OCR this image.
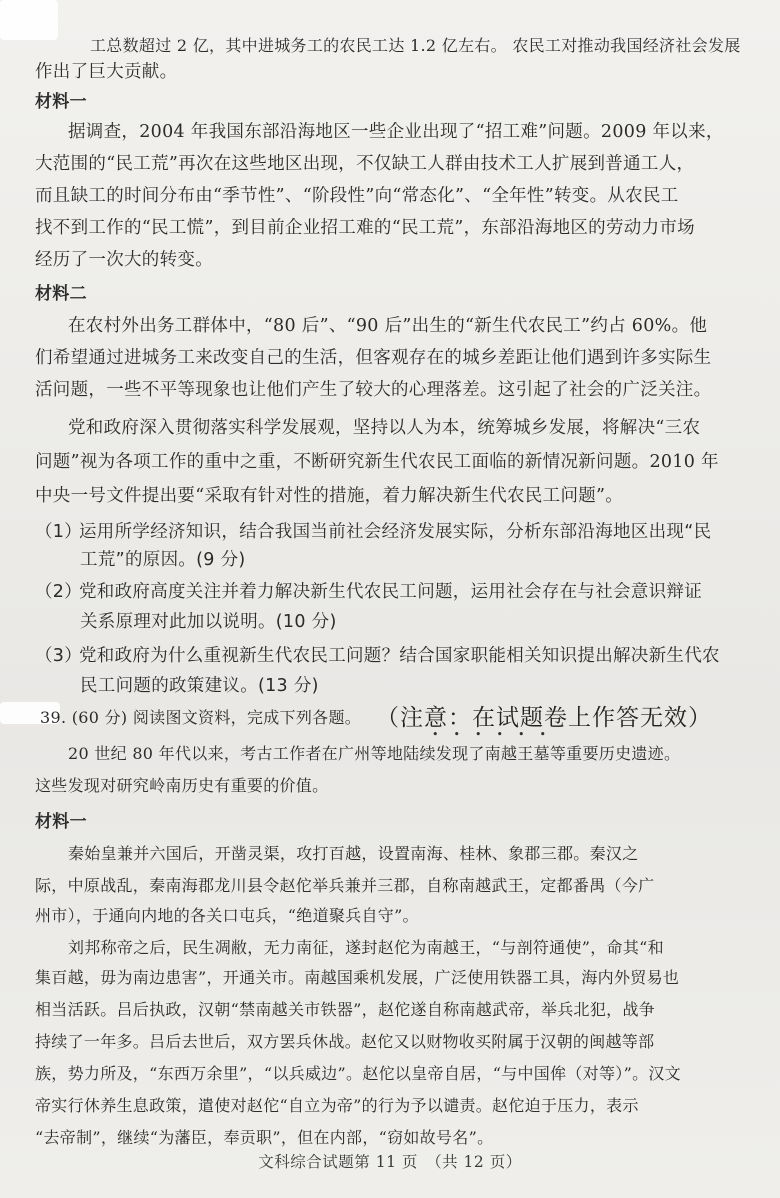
工总数超过 2 亿，其中进城务工的农民工达 1.2 亿左右。 农民工对推动我国经济社会发展
作出了巨大贡献。
材料一
据调查，2004 年我国东部沿海地区一些企业出现了“招工难”问题。2009 年以来，
大范围的“民工荒”再次在这些地区出现，不仅缺工人群由技术工人扩展到普通工人，
而且缺工的时间分布由“季节性”、“阶段性”向“常态化”、“全年性”转变。从农民工
找不到工作的“民工慌”，到目前企业招工难的“民工荒”，东部沿海地区的劳动力市场
经历了一次大的转变。
材料二
在农村外出务工群体中，“80 后”、“90 后”出生的“新生代农民工”约占 60%。他
们希望通过进城务工来改变自己的生活，但客观存在的城乡差距让他们遇到许多实际生
活问题，一些不平等现象也让他们产生了较大的心理落差。这引起了社会的广泛关注。
党和政府深入贯彻落实科学发展观，坚持以人为本，统筹城乡发展，将解决“三农
问题”视为各项工作的重中之重，不断研究新生代农民工面临的新情况新问题。2010 年
中央一号文件提出要“采取有针对性的措施，着力解决新生代农民工问题”。
（1）
运用所学经济知识，结合我国当前社会经济发展实际，分析东部沿海地区出现“民
工荒”的原因。(9 分)
（2）
党和政府高度关注并着力解决新生代农民工问题，运用社会存在与社会意识辩证
关系原理对此加以说明。(10 分)
（3）
党和政府为什么重视新生代农民工问题？结合国家职能相关知识提出解决新生代农
民工问题的政策建议。(13 分)
39. (60 分) 阅读图文资料，完成下列各题。 （注意：在试题卷上作答无效）
••••••
20 世纪 80 年代以来，考古工作者在广州等地陆续发现了南越王墓等重要历史遗迹。
这些发现对研究岭南历史有重要的价值。
材料一
秦始皇兼并六国后，开凿灵渠，攻打百越，设置南海、桂林、象郡三郡。秦汉之
际，中原战乱，秦南海郡龙川县令赵佗举兵兼并三郡，自称南越武王，定都番禺（今广
州市），于通向内地的各关口屯兵，“绝道聚兵自守”。
刘邦称帝之后，民生凋敝，无力南征，遂封赵佗为南越王，“与剖符通使”，命其“和
集百越，毋为南边患害”，开通关市。南越国乘机发展，广泛使用铁器工具，海内外贸易也
相当活跃。吕后执政，汉朝“禁南越关市铁器”，赵佗遂自称南越武帝，举兵北犯，战争
持续了一年多。吕后去世后，双方罢兵休战。赵佗又以财物收买附属于汉朝的闽越等部
族，势力所及，“东西万余里”，“以兵威边”。赵佗以皇帝自居，“与中国侔（对等）”。汉文
帝实行休养生息政策，遣使对赵佗“自立为帝”的行为予以谴责。赵佗迫于压力，表示
“去帝制”，继续“为藩臣，奉贡职”，但在内部，“窃如故号名”。
文科综合试题第 11 页　（共 12 页）
